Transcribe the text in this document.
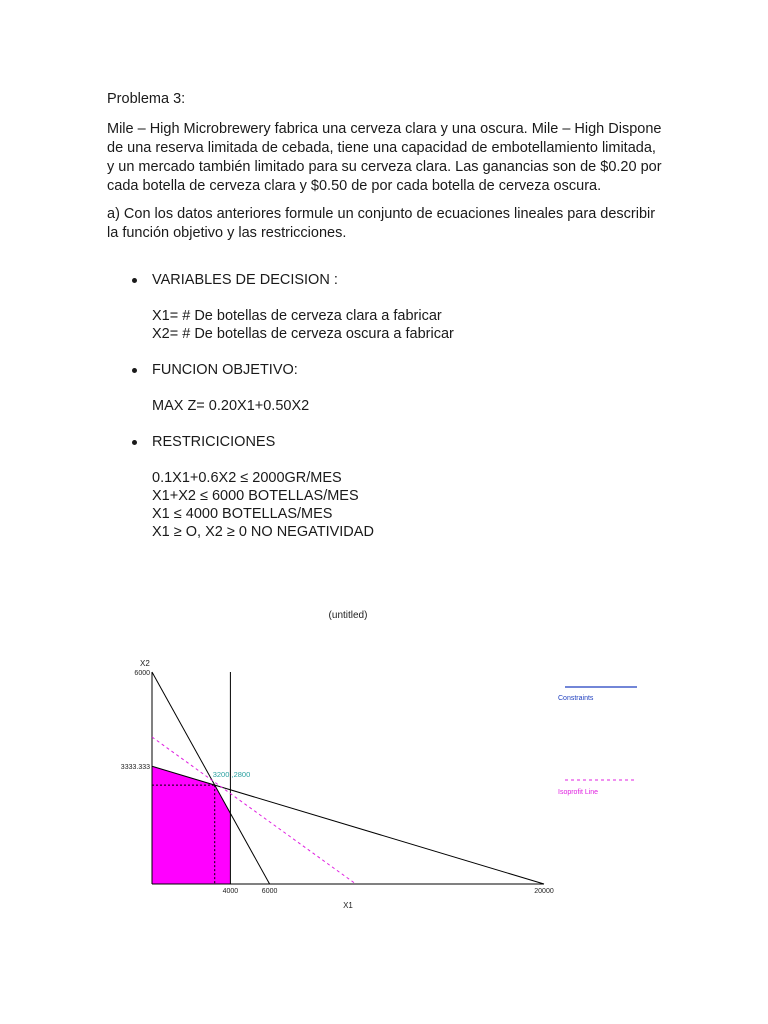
Problema 3:

Mile – High Microbrewery fabrica una cerveza clara y una oscura. Mile – High Dispone de una reserva limitada de cebada, tiene una capacidad de embotellamiento limitada, y un mercado también limitado para su cerveza clara. Las ganancias son de $0.20 por cada botella de cerveza clara y $0.50 de por cada botella de cerveza oscura.

a) Con los datos anteriores formule un conjunto de ecuaciones lineales para describir la función objetivo y las restricciones.

VARIABLES DE DECISION :

X1= # De botellas de cerveza clara a fabricar
X2= # De botellas de cerveza oscura a fabricar

FUNCION OBJETIVO:

MAX Z= 0.20X1+0.50X2

RESTRICICIONES

0.1X1+0.6X2 ≤ 2000GR/MES
X1+X2 ≤ 6000 BOTELLAS/MES
X1 ≤ 4000 BOTELLAS/MES
X1 ≥ O, X2 ≥ 0 NO NEGATIVIDAD
3200 ,2800
(untitled)
X2
X1
4000	6000	20000
3333.333
6000
Constraints
Isoprofit Line
